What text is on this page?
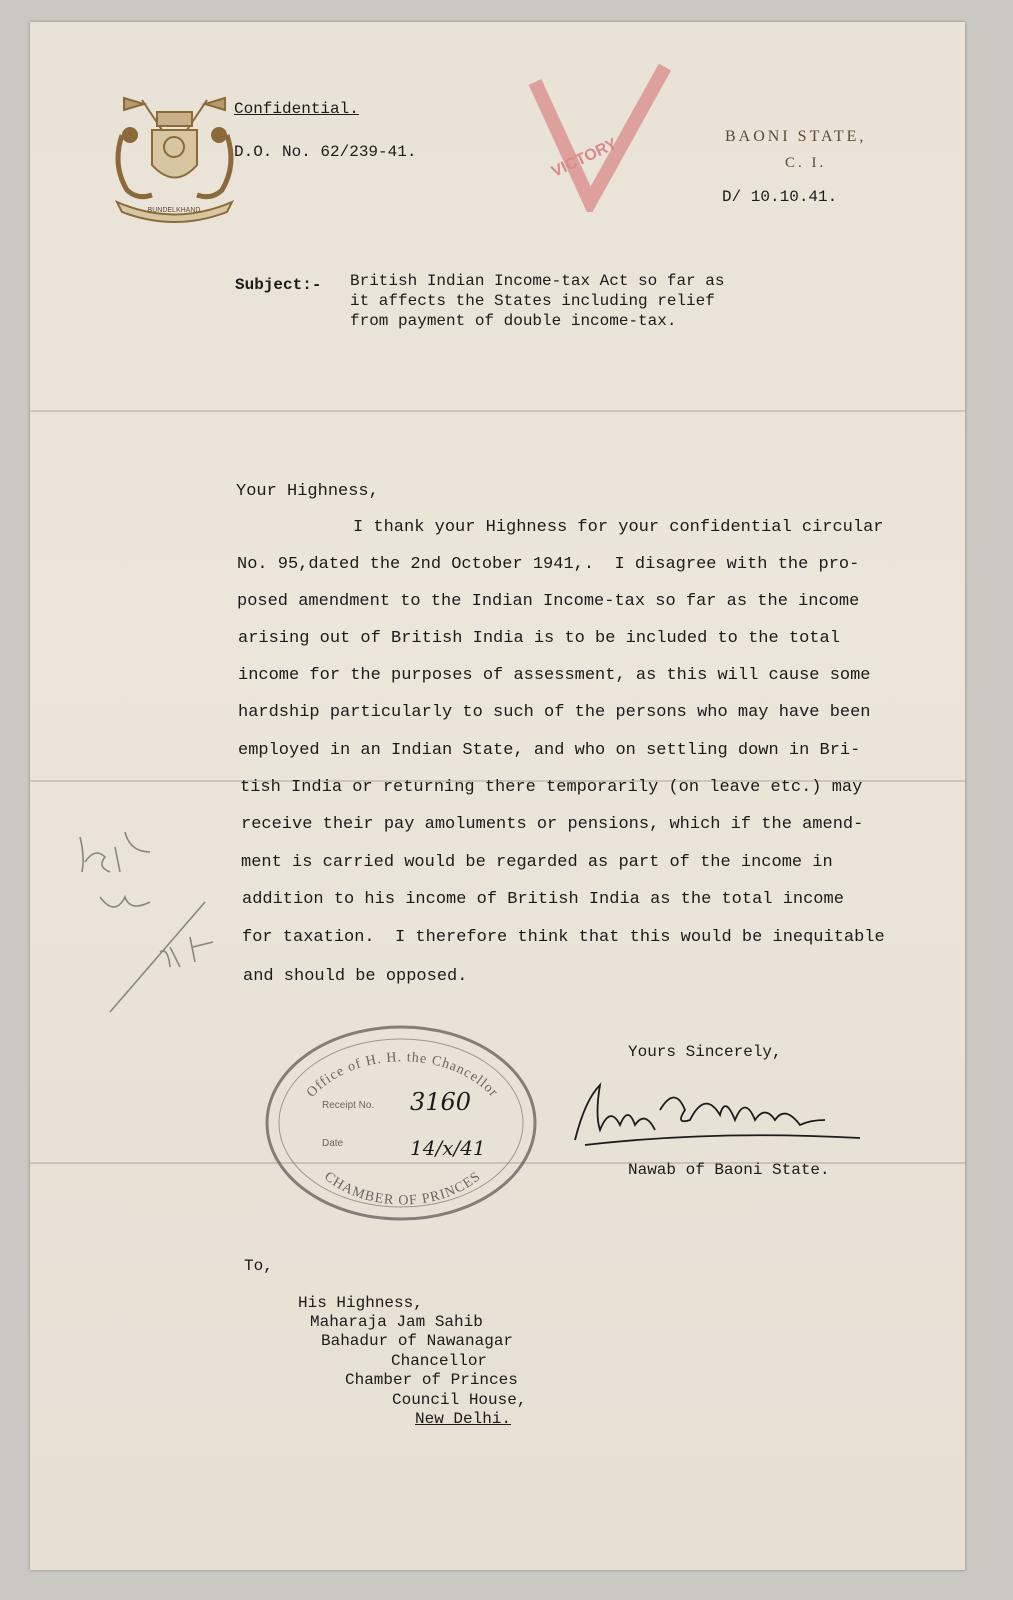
BUNDELKHAND
VICTORY
Confidential.
D.O. No. 62/239-41.
BAONI STATE,
C. I.
D/ 10.10.41.
Subject:- British Indian Income-tax Act so far as
it affects the States including relief
from payment of double income-tax.
Your Highness,
I thank your Highness for your confidential circular
No. 95,dated the 2nd October 1941,.  I disagree with the pro-
posed amendment to the Indian Income-tax so far as the income
arising out of British India is to be included to the total
income for the purposes of assessment, as this will cause some
hardship particularly to such of the persons who may have been
employed in an Indian State, and who on settling down in Bri-
tish India or returning there temporarily (on leave etc.) may
receive their pay amoluments or pensions, which if the amend-
ment is carried would be regarded as part of the income in
addition to his income of British India as the total income
for taxation.  I therefore think that this would be inequitable
and should be opposed.
Office of H. H. the Chancellor
CHAMBER OF PRINCES
Receipt No. 3160
Date	14/x/41
Yours Sincerely,
Nawab of Baoni State.
To,
His Highness,
Maharaja Jam Sahib
Bahadur of Nawanagar
Chancellor
Chamber of Princes
Council House,
New Delhi.
